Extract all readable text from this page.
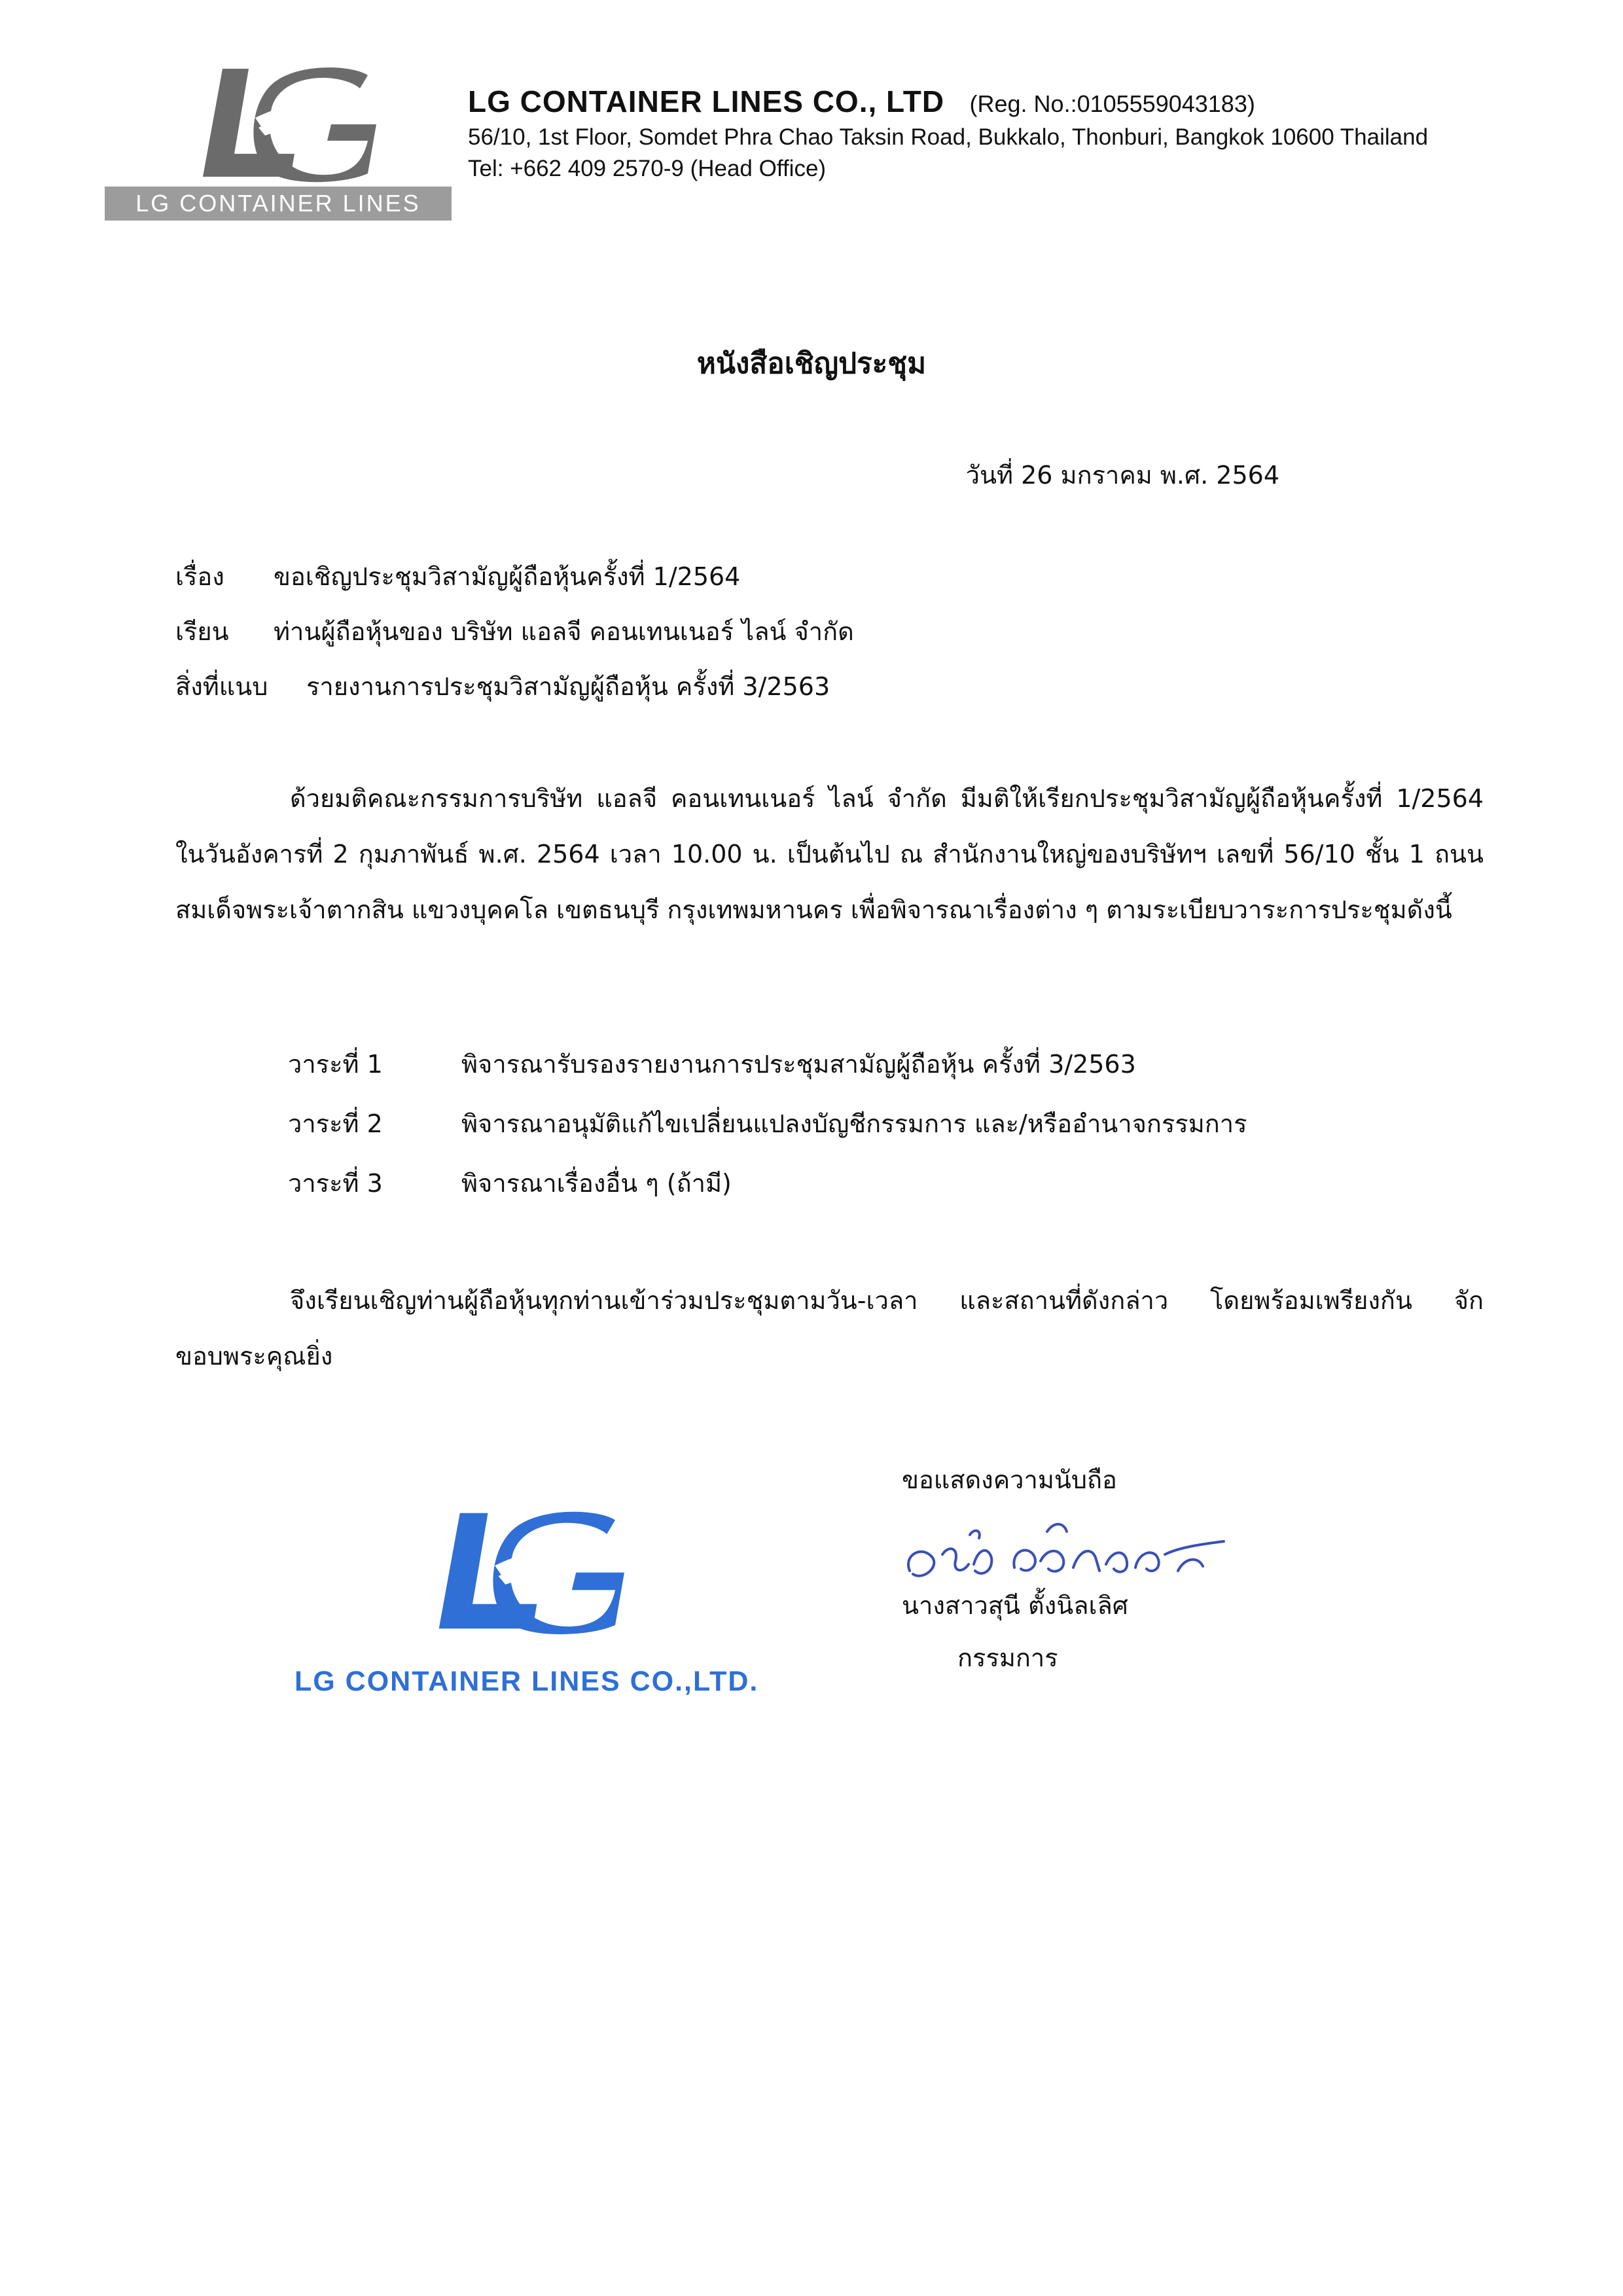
LG CONTAINER LINES
LG CONTAINER LINES CO., LTD (Reg. No.:0105559043183)
56/10, 1st Floor, Somdet Phra Chao Taksin Road, Bukkalo, Thonburi, Bangkok 10600 Thailand
Tel: +662 409 2570-9 (Head Office)
หนังสือเชิญประชุม
วันที่ 26 มกราคม พ.ศ. 2564
เรื่อง	ขอเชิญประชุมวิสามัญผู้ถือหุ้นครั้งที่ 1/2564
เรียน	ท่านผู้ถือหุ้นของ บริษัท แอลจี คอนเทนเนอร์ ไลน์ จำกัด
สิ่งที่แนบ	รายงานการประชุมวิสามัญผู้ถือหุ้น ครั้งที่ 3/2563
ด้วยมติคณะกรรมการบริษัท แอลจี คอนเทนเนอร์ ไลน์ จำกัด มีมติให้เรียกประชุมวิสามัญผู้ถือหุ้นครั้งที่ 1/2564 ในวันอังคารที่ 2 กุมภาพันธ์ พ.ศ. 2564 เวลา 10.00 น. เป็นต้นไป ณ สำนักงานใหญ่ของบริษัทฯ เลขที่ 56/10 ชั้น 1 ถนนสมเด็จพระเจ้าตากสิน แขวงบุคคโล เขตธนบุรี กรุงเทพมหานคร เพื่อพิจารณาเรื่องต่าง ๆ ตามระเบียบวาระการประชุมดังนี้
วาระที่ 1	พิจารณารับรองรายงานการประชุมสามัญผู้ถือหุ้น ครั้งที่ 3/2563
วาระที่ 2	พิจารณาอนุมัติแก้ไขเปลี่ยนแปลงบัญชีกรรมการ และ/หรืออำนาจกรรมการ
วาระที่ 3	พิจารณาเรื่องอื่น ๆ (ถ้ามี)
จึงเรียนเชิญท่านผู้ถือหุ้นทุกท่านเข้าร่วมประชุมตามวัน-เวลา และสถานที่ดังกล่าว โดยพร้อมเพรียงกัน จักขอบพระคุณยิ่ง
LG CONTAINER LINES CO.,LTD.
ขอแสดงความนับถือ
นางสาวสุนี ตั้งนิลเลิศ
กรรมการ
